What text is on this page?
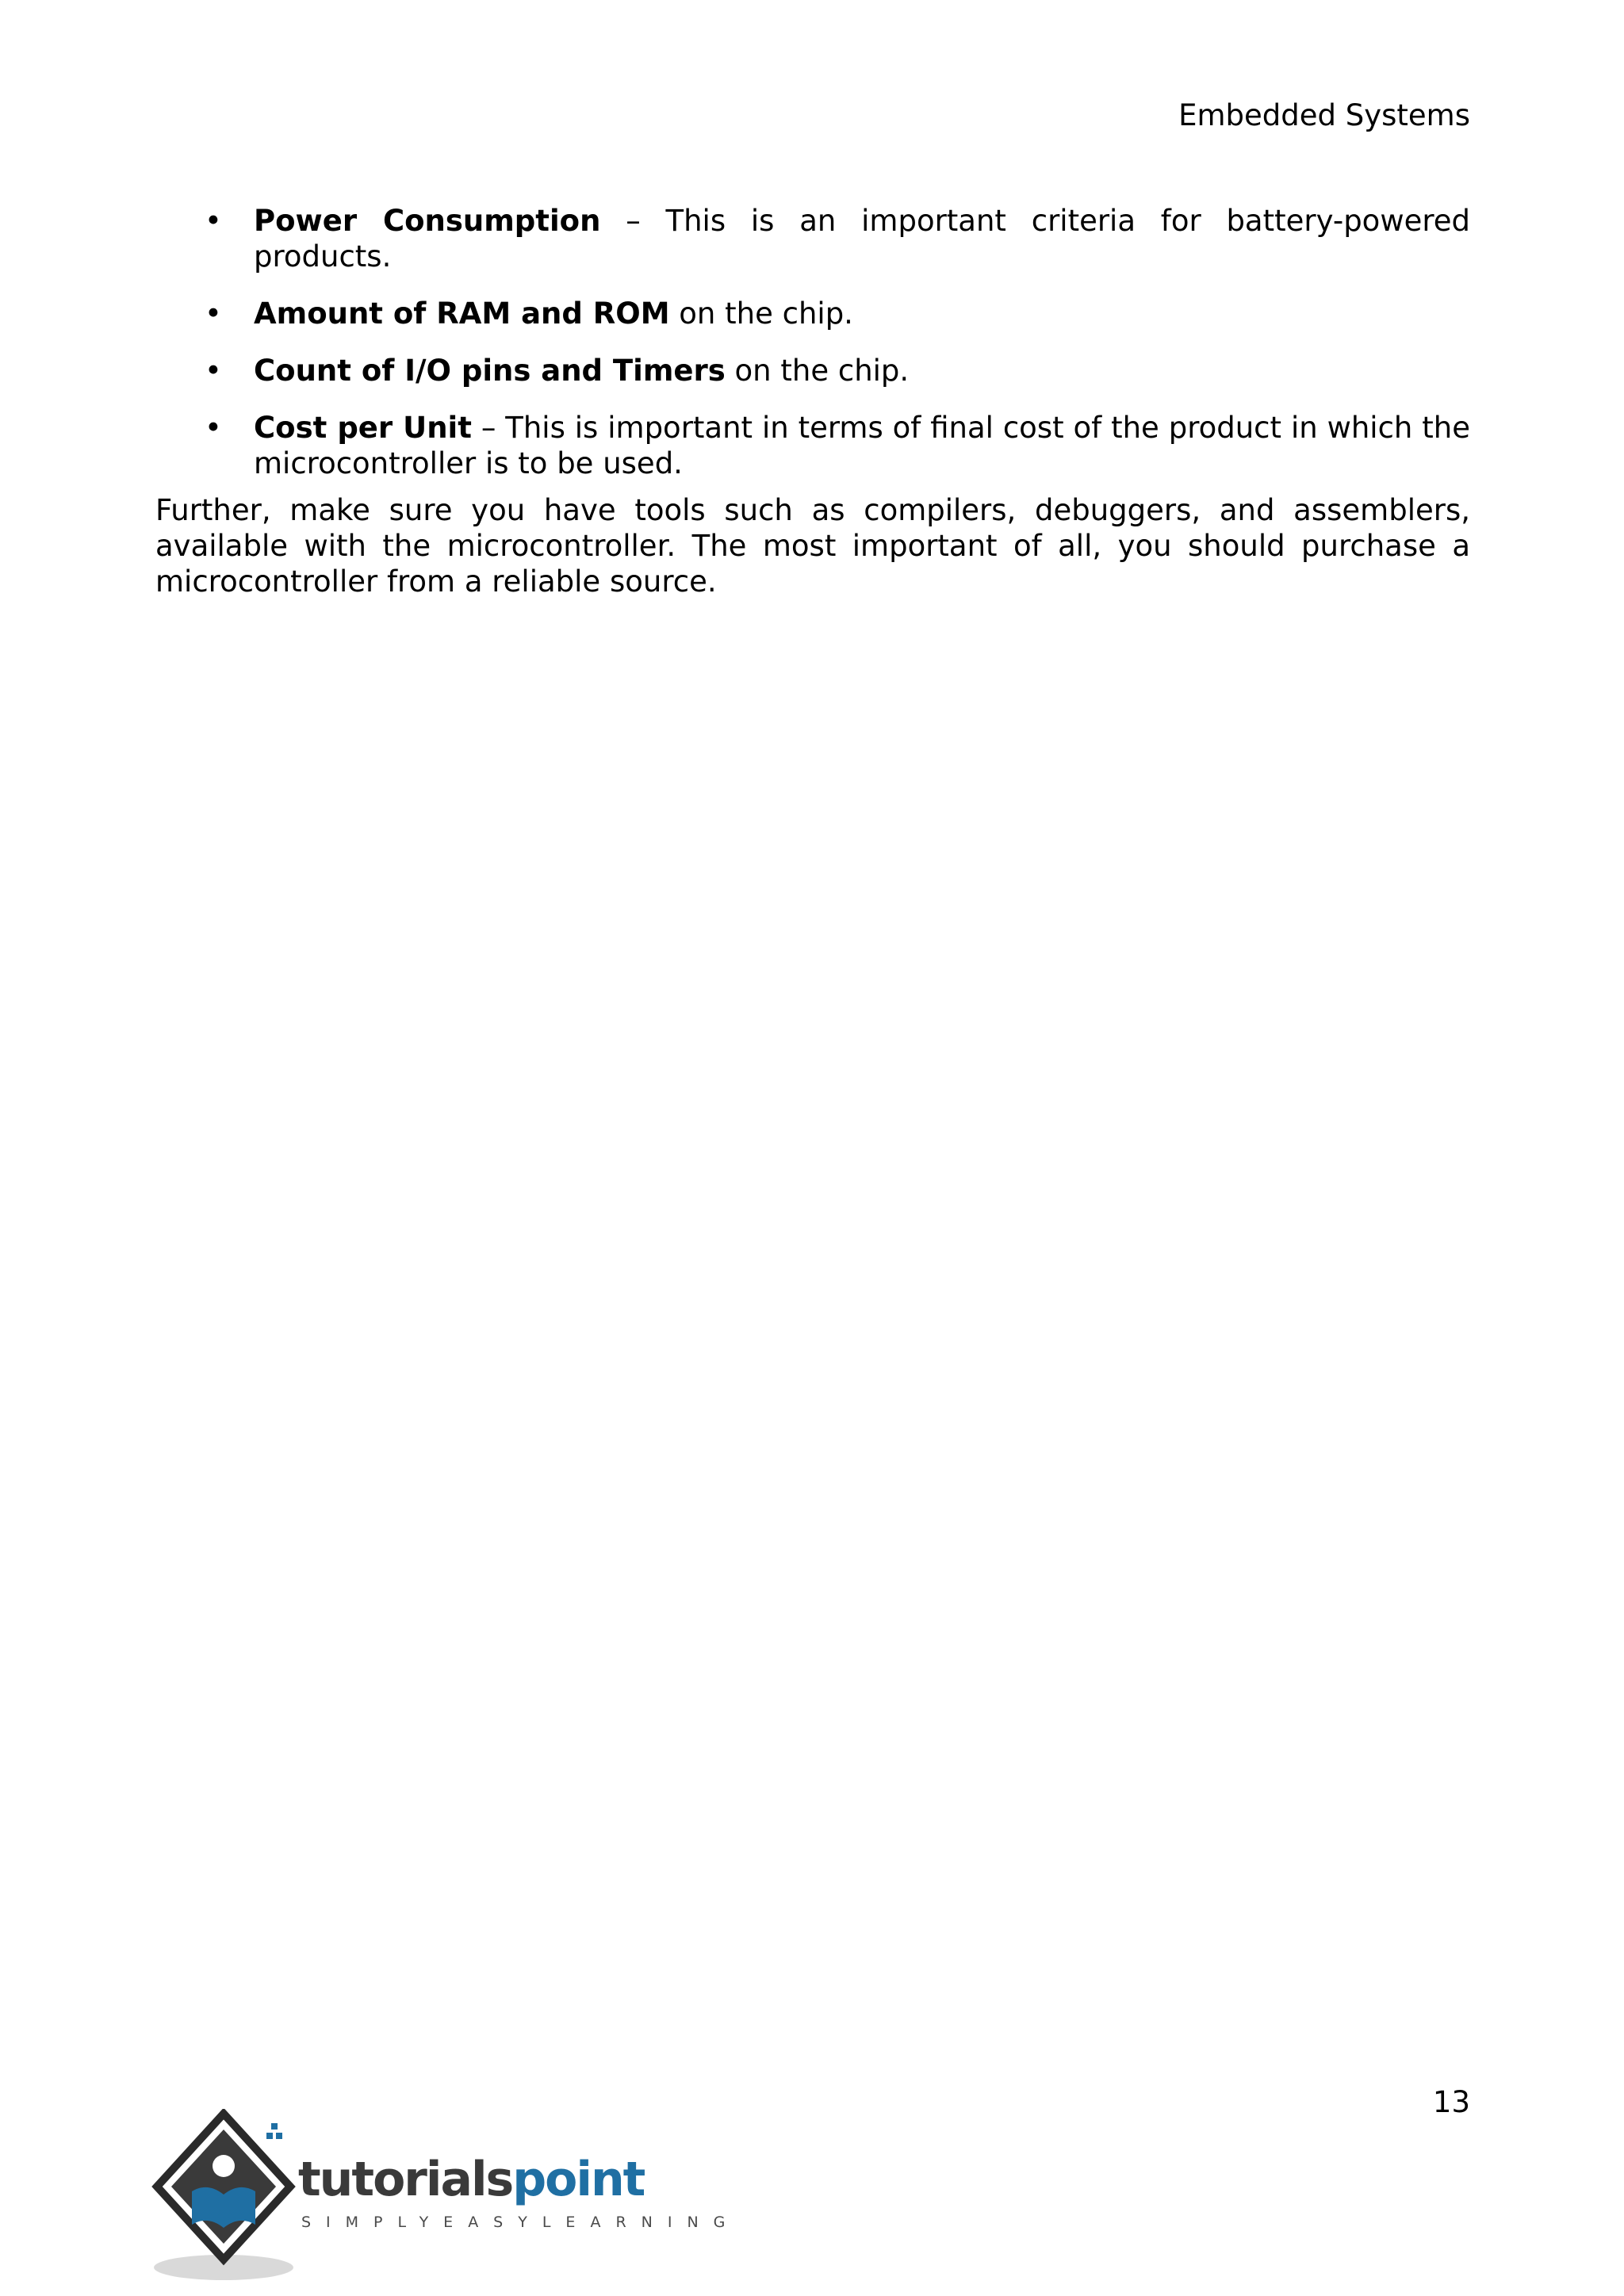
Embedded Systems
• Power Consumption – This is an important criteria for battery-powered products.
• Amount of RAM and ROM on the chip.
• Count of I/O pins and Timers on the chip.
• Cost per Unit – This is important in terms of final cost of the product in which the microcontroller is to be used.

Further, make sure you have tools such as compilers, debuggers, and assemblers, available with the microcontroller. The most important of all, you should purchase a microcontroller from a reliable source.

13
tutorialspoint
SIMPLYEASYLEARNING
